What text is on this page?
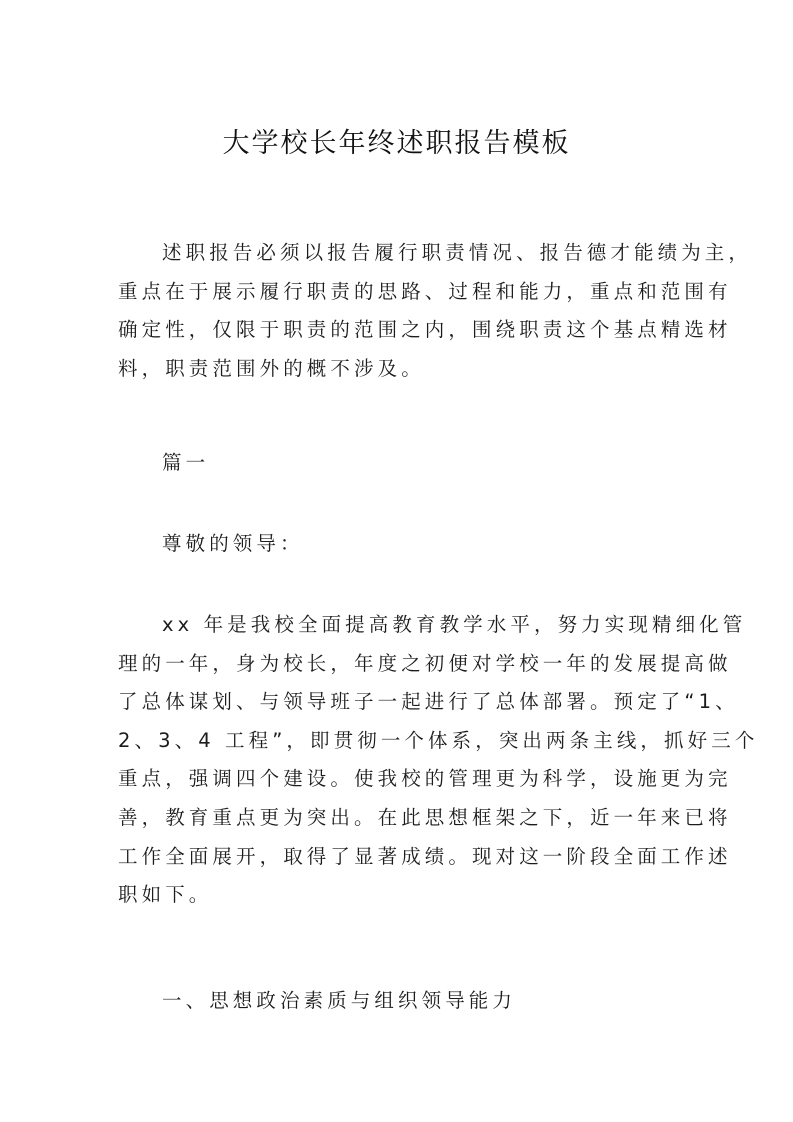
大学校长年终述职报告模板
述职报告必须以报告履行职责情况、报告德才能绩为主，
重点在于展示履行职责的思路、过程和能力，重点和范围有
确定性，仅限于职责的范围之内，围绕职责这个基点精选材
料，职责范围外的概不涉及。

篇一

尊敬的领导：

xx 年是我校全面提高教育教学水平，努力实现精细化管
理的一年，身为校长，年度之初便对学校一年的发展提高做
了总体谋划、与领导班子一起进行了总体部署。预定了“1、
2、3、4 工程”，即贯彻一个体系，突出两条主线，抓好三个
重点，强调四个建设。使我校的管理更为科学，设施更为完
善，教育重点更为突出。在此思想框架之下，近一年来已将
工作全面展开，取得了显著成绩。现对这一阶段全面工作述
职如下。

一、思想政治素质与组织领导能力
